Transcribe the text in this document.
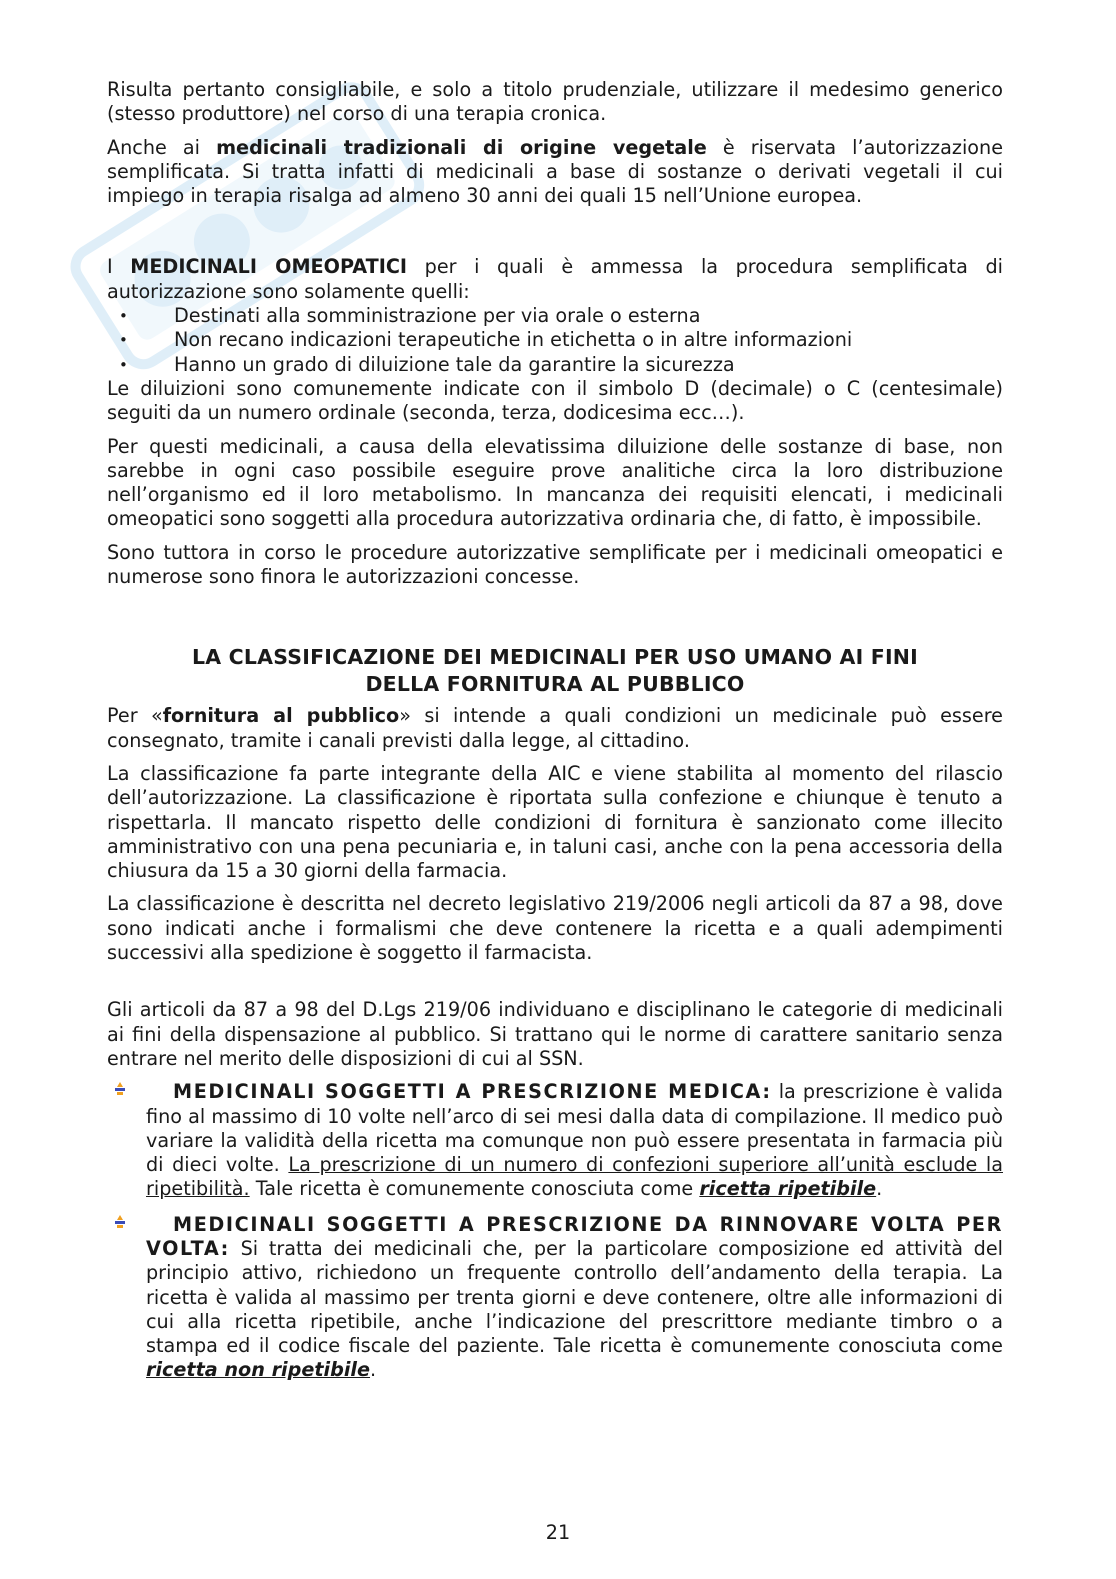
Risulta pertanto consigliabile, e solo a titolo prudenziale, utilizzare il medesimo generico (stesso produttore) nel corso di una terapia cronica.

Anche ai medicinali tradizionali di origine vegetale è riservata l’autorizzazione semplificata. Si tratta infatti di medicinali a base di sostanze o derivati vegetali il cui impiego in terapia risalga ad almeno 30 anni dei quali 15 nell’Unione europea.

I MEDICINALI OMEOPATICI per i quali è ammessa la procedura semplificata di autorizzazione sono solamente quelli:

• Destinati alla somministrazione per via orale o esterna
• Non recano indicazioni terapeutiche in etichetta o in altre informazioni
• Hanno un grado di diluizione tale da garantire la sicurezza

Le diluizioni sono comunemente indicate con il simbolo D (decimale) o C (centesimale) seguiti da un numero ordinale (seconda, terza, dodicesima ecc…).

Per questi medicinali, a causa della elevatissima diluizione delle sostanze di base, non sarebbe in ogni caso possibile eseguire prove analitiche circa la loro distribuzione nell’organismo ed il loro metabolismo. In mancanza dei requisiti elencati, i medicinali omeopatici sono soggetti alla procedura autorizzativa ordinaria che, di fatto, è impossibile.

Sono tuttora in corso le procedure autorizzative semplificate per i medicinali omeopatici e numerose sono finora le autorizzazioni concesse.

LA CLASSIFICAZIONE DEI MEDICINALI PER USO UMANO AI FINI
DELLA FORNITURA AL PUBBLICO

Per «fornitura al pubblico» si intende a quali condizioni un medicinale può essere consegnato, tramite i canali previsti dalla legge, al cittadino.

La classificazione fa parte integrante della AIC e viene stabilita al momento del rilascio dell’autorizzazione. La classificazione è riportata sulla confezione e chiunque è tenuto a rispettarla. Il mancato rispetto delle condizioni di fornitura è sanzionato come illecito amministrativo con una pena pecuniaria e, in taluni casi, anche con la pena accessoria della chiusura da 15 a 30 giorni della farmacia.

La classificazione è descritta nel decreto legislativo 219/2006 negli articoli da 87 a 98, dove sono indicati anche i formalismi che deve contenere la ricetta e a quali adempimenti successivi alla spedizione è soggetto il farmacista.

Gli articoli da 87 a 98 del D.Lgs 219/06 individuano e disciplinano le categorie di medicinali ai fini della dispensazione al pubblico. Si trattano qui le norme di carattere sanitario senza entrare nel merito delle disposizioni di cui al SSN.

MEDICINALI SOGGETTI A PRESCRIZIONE MEDICA: la prescrizione è valida fino al massimo di 10 volte nell’arco di sei mesi dalla data di compilazione. Il medico può variare la validità della ricetta ma comunque non può essere presentata in farmacia più di dieci volte. La prescrizione di un numero di confezioni superiore all’unità esclude la ripetibilità. Tale ricetta è comunemente conosciuta come ricetta ripetibile.
MEDICINALI SOGGETTI A PRESCRIZIONE DA RINNOVARE VOLTA PER VOLTA: Si tratta dei medicinali che, per la particolare composizione ed attività del principio attivo, richiedono un frequente controllo dell’andamento della terapia. La ricetta è valida al massimo per trenta giorni e deve contenere, oltre alle informazioni di cui alla ricetta ripetibile, anche l’indicazione del prescrittore mediante timbro o a stampa ed il codice fiscale del paziente. Tale ricetta è comunemente conosciuta come ricetta non ripetibile.
21
